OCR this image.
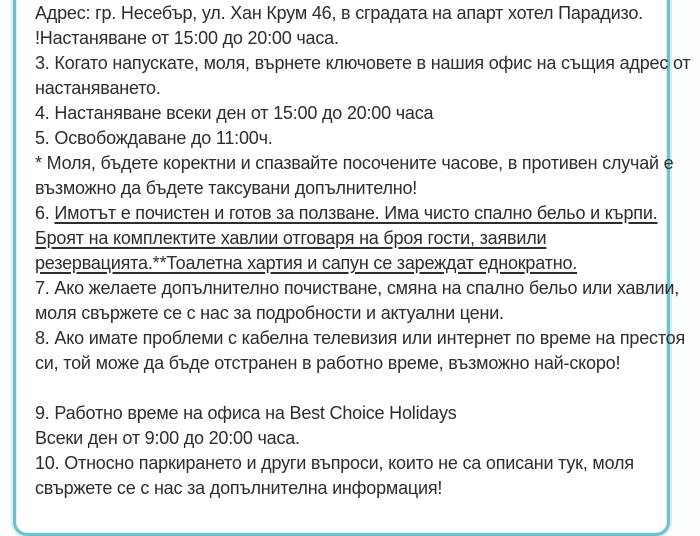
Адрес: гр. Несебър, ул. Хан Крум 46, в сградата на апарт хотел Парадизо.
!Настаняване от 15:00 до 20:00 часа.
3. Когато напускате, моля, върнете ключовете в нашия офис на същия адрес от
настаняването.
4. Настаняване всеки ден от 15:00 до 20:00 часа
5. Освобождаване до 11:00ч.
* Моля, бъдете коректни и спазвайте посочените часове, в противен случай е
възможно да бъдете таксувани допълнително!
6. Имотът е почистен и готов за ползване. Има чисто спално бельо и кърпи.
Броят на комплектите хавлии отговаря на броя гости, заявили
резервацията.**Тоалетна хартия и сапун се зареждат еднократно.
7. Ако желаете допълнително почистване, смяна на спално бельо или хавлии,
моля свържете се с нас за подробности и актуални цени.
8. Ако имате проблеми с кабелна телевизия или интернет по време на престоя
си, той може да бъде отстранен в работно време, възможно най-скоро!
9. Работно време на офиса на Best Choice Holidays
Всеки ден от 9:00 до 20:00 часа.
10. Относно паркирането и други въпроси, които не са описани тук, моля
свържете се с нас за допълнителна информация!
